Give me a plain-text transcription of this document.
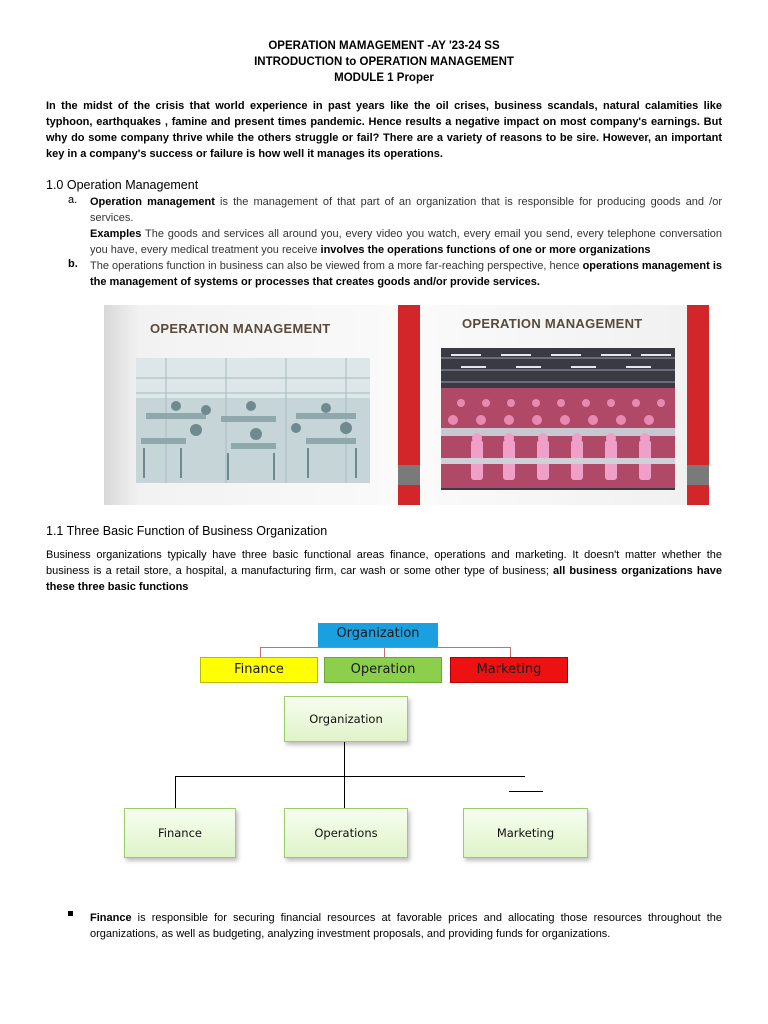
OPERATION MAMAGEMENT -AY '23-24 SS
INTRODUCTION to OPERATION MANAGEMENT
MODULE 1 Proper
In the midst of the crisis that world experience in past years like the oil crises, business scandals, natural calamities like typhoon, earthquakes , famine and present times pandemic. Hence results a negative impact on most company's earnings. But why do some company thrive while the others struggle or fail? There are a variety of reasons to be sire. However, an important key in a company's success or failure is how well it manages its operations.
1.0 Operation Management
a. Operation management is the management of that part of an organization that is responsible for producing goods and /or services.
Examples The goods and services all around you, every video you watch, every email you send, every telephone conversation you have, every medical treatment you receive involves the operations functions of one or more organizations
b. The operations function in business can also be viewed from a more far-reaching perspective, hence operations management is the management of systems or processes that creates goods and/or provide services.
OPERATION MANAGEMENT	OPERATION MANAGEMENT
1.1 Three Basic Function of Business Organization
Business organizations typically have three basic functional areas finance, operations and marketing. It doesn't matter whether the business is a retail store, a hospital, a manufacturing firm, car wash or some other type of business; all business organizations have these three basic functions
Organization
Finance	Operation	Marketing
Organization
Finance	Operations	Marketing
Finance is responsible for securing financial resources at favorable prices and allocating those resources throughout the organizations, as well as budgeting, analyzing investment proposals, and providing funds for organizations.
